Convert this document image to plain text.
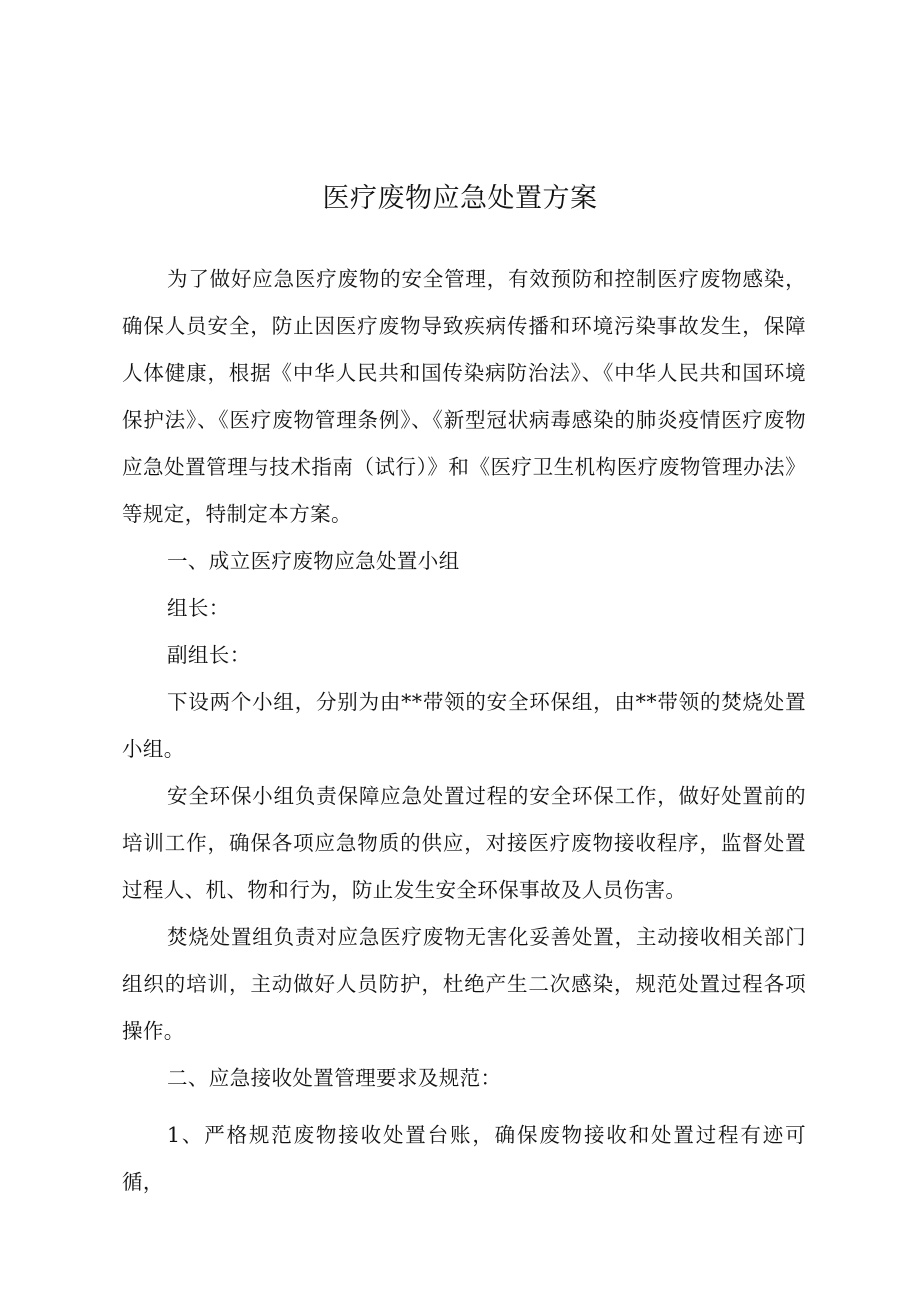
医疗废物应急处置方案

为了做好应急医疗废物的安全管理，有效预防和控制医疗废物感染，确保人员安全，防止因医疗废物导致疾病传播和环境污染事故发生，保障人体健康，根据《中华人民共和国传染病防治法》、《中华人民共和国环境保护法》、《医疗废物管理条例》、《新型冠状病毒感染的肺炎疫情医疗废物应急处置管理与技术指南（试行）》和《医疗卫生机构医疗废物管理办法》等规定，特制定本方案。

一、成立医疗废物应急处置小组

组长：

副组长：

下设两个小组，分别为由**带领的安全环保组，由**带领的焚烧处置小组。

安全环保小组负责保障应急处置过程的安全环保工作，做好处置前的培训工作，确保各项应急物质的供应，对接医疗废物接收程序，监督处置过程人、机、物和行为，防止发生安全环保事故及人员伤害。

焚烧处置组负责对应急医疗废物无害化妥善处置，主动接收相关部门组织的培训，主动做好人员防护，杜绝产生二次感染，规范处置过程各项操作。

二、应急接收处置管理要求及规范：

1、严格规范废物接收处置台账，确保废物接收和处置过程有迹可循，
